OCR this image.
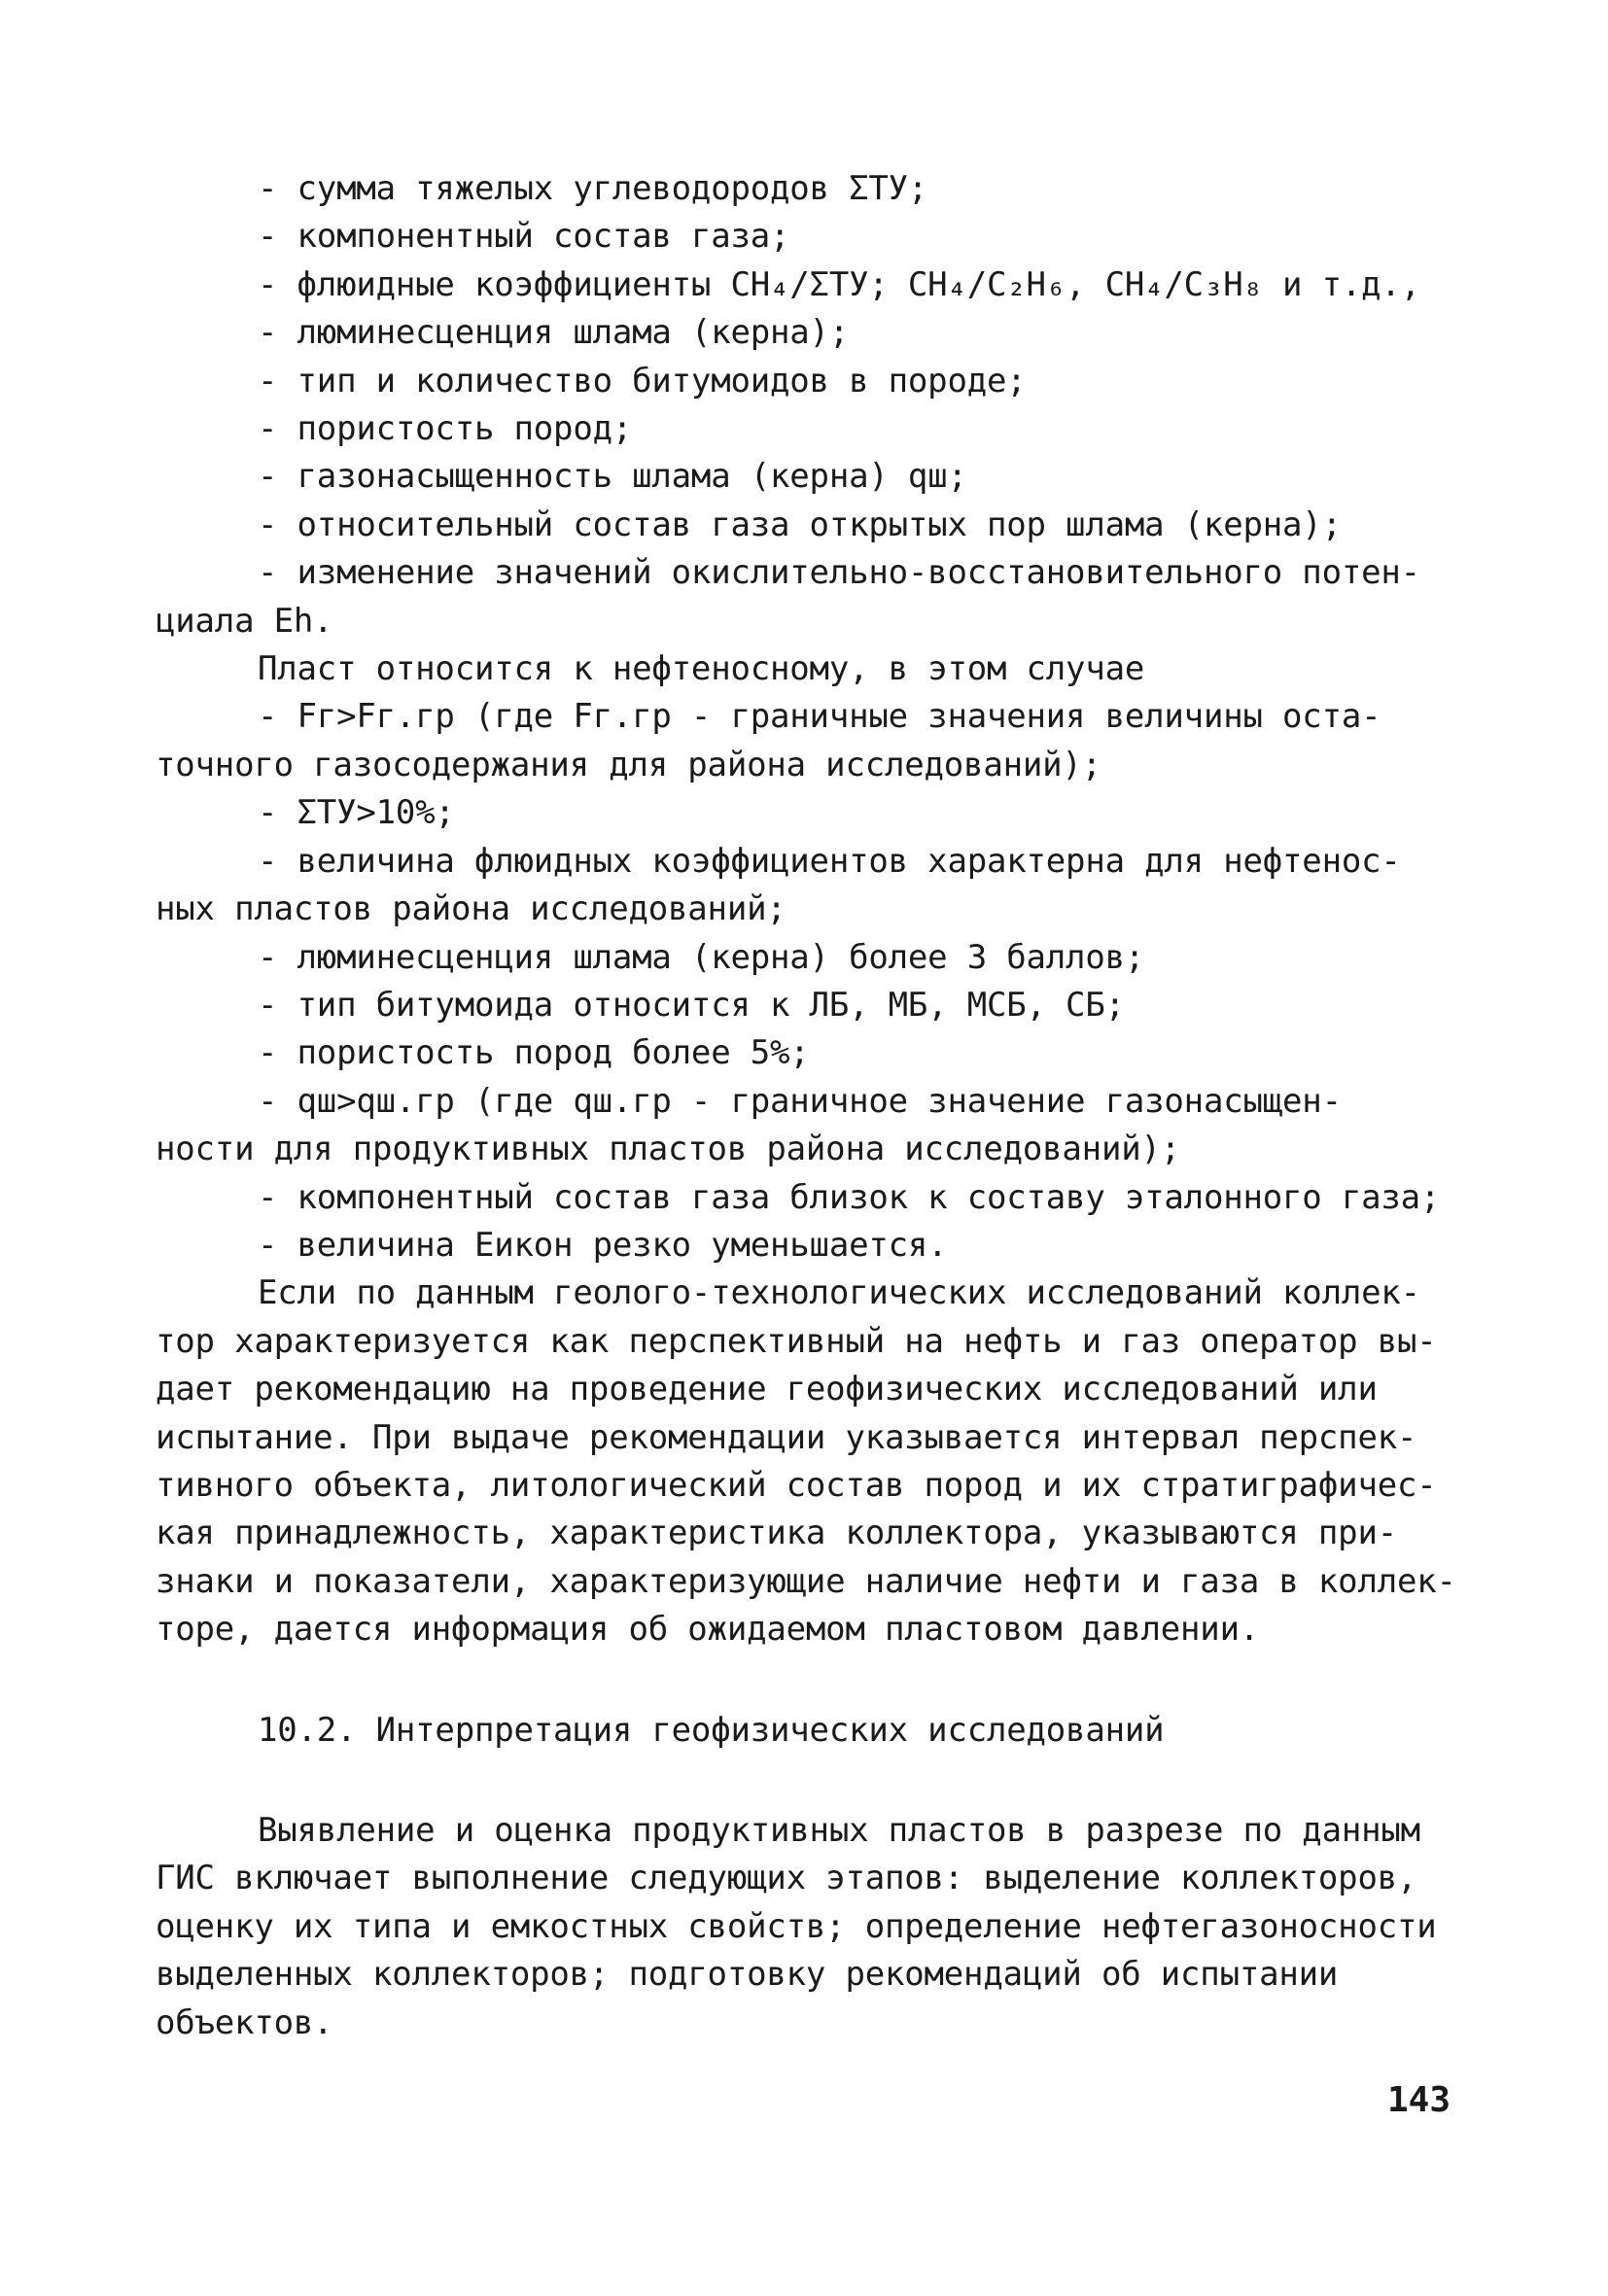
- сумма тяжелых углеводородов ΣТУ;
- компонентный состав газа;
- флюидные коэффициенты CH₄/ΣТУ; CH₄/C₂H₆, CH₄/C₃H₈ и т.д.,
- люминесценция шлама (керна);
- тип и количество битумоидов в породе;
- пористость пород;
- газонасыщенность шлама (керна) qш;
- относительный состав газа открытых пор шлама (керна);
- изменение значений окислительно-восстановительного потен-
циала Eh.
Пласт относится к нефтеносному, в этом случае
- Fг>Fг.гр (где Fг.гр - граничные значения величины оста-
точного газосодержания для района исследований);
- ΣТУ>10%;
- величина флюидных коэффициентов характерна для нефтенос-
ных пластов района исследований;
- люминесценция шлама (керна) более 3 баллов;
- тип битумоида относится к ЛБ, МБ, МСБ, СБ;
- пористость пород более 5%;
- qш>qш.гр (где qш.гр - граничное значение газонасыщен-
ности для продуктивных пластов района исследований);
- компонентный состав газа близок к составу эталонного газа;
- величина Eикон резко уменьшается.
Если по данным геолого-технологических исследований коллек-
тор характеризуется как перспективный на нефть и газ оператор вы-
дает рекомендацию на проведение геофизических исследований или
испытание. При выдаче рекомендации указывается интервал перспек-
тивного объекта, литологический состав пород и их стратиграфичес-
кая принадлежность, характеристика коллектора, указываются при-
знаки и показатели, характеризующие наличие нефти и газа в коллек-
торе, дается информация об ожидаемом пластовом давлении.
10.2. Интерпретация геофизических исследований
Выявление и оценка продуктивных пластов в разрезе по данным
ГИС включает выполнение следующих этапов: выделение коллекторов,
оценку их типа и емкостных свойств; определение нефтегазоносности
выделенных коллекторов; подготовку рекомендаций об испытании
объектов.
143
